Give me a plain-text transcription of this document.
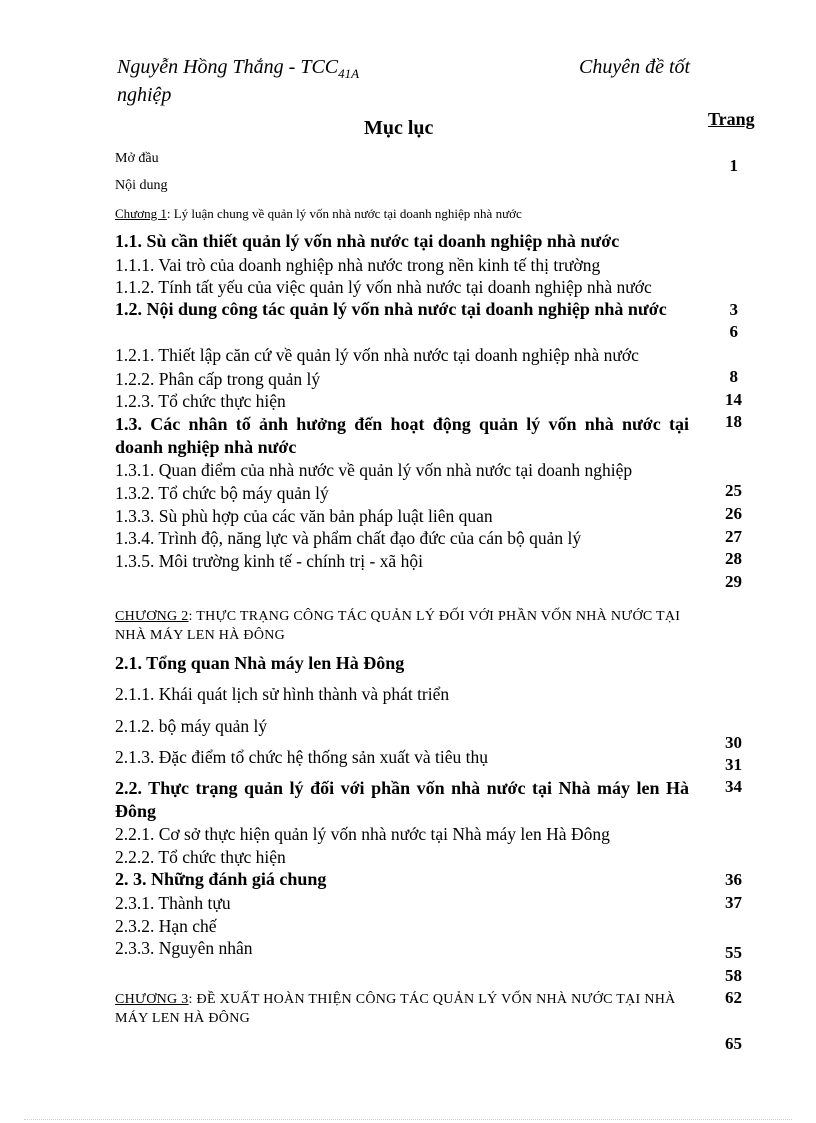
Nguyễn Hồng Thắng - $TCC_{41A}$	Chuyên đề tốt
nghiệp
Mục lục	Trang
Mở đầu
Nội dung
Chương 1: Lý luận chung về quản lý vốn nhà nước tại doanh nghiệp nhà nước
1.1. Sù cần thiết quản lý vốn nhà nước tại doanh nghiệp nhà nước
1.1.1. Vai trò của doanh nghiệp nhà nước trong nền kinh tế thị trường
1.1.2. Tính tất yếu của việc quản lý vốn nhà nước tại doanh nghiệp nhà nước
1.2. Nội dung công tác quản lý vốn nhà nước tại doanh nghiệp nhà nước
1.2.1. Thiết lập căn cứ về quản lý vốn nhà nước tại doanh nghiệp nhà nước
1.2.2. Phân cấp trong quản lý
1.2.3. Tổ chức thực hiện
1.3. Các nhân tố ảnh hưởng đến hoạt động quản lý vốn nhà nước tại doanh nghiệp nhà nước
1.3.1. Quan điểm của nhà nước về quản lý vốn nhà nước tại doanh nghiệp
1.3.2. Tổ chức bộ máy quản lý
1.3.3. Sù phù hợp của các văn bản pháp luật liên quan
1.3.4. Trình độ, năng lực và phẩm chất đạo đức của cán bộ quản lý
1.3.5. Môi trường kinh tế - chính trị - xã hội
CHƯƠNG 2: THỰC TRẠNG CÔNG TÁC QUẢN LÝ ĐỐI VỚI PHẦN VỐN NHÀ NƯỚC TẠI NHÀ MÁY LEN HÀ ĐÔNG
2.1. Tổng quan Nhà máy len Hà Đông
2.1.1. Khái quát lịch sử hình thành và phát triển
2.1.2. bộ máy quản lý
2.1.3. Đặc điểm tổ chức hệ thống sản xuất và tiêu thụ
2.2. Thực trạng quản lý đối với phần vốn nhà nước tại Nhà máy len Hà Đông
2.2.1. Cơ sở thực hiện quản lý vốn nhà nước tại Nhà máy len Hà Đông
2.2.2. Tổ chức thực hiện
2. 3. Những đánh giá chung
2.3.1. Thành tựu
2.3.2. Hạn chế
2.3.3. Nguyên nhân
CHƯƠNG 3: ĐỀ XUẤT HOÀN THIỆN CÔNG TÁC QUẢN LÝ VỐN NHÀ NƯỚC TẠI NHÀ MÁY LEN HÀ ĐÔNG
1
3
6
8
14
18
25
26
27
28
29
30
31
34
36
37
55
58
62
65
